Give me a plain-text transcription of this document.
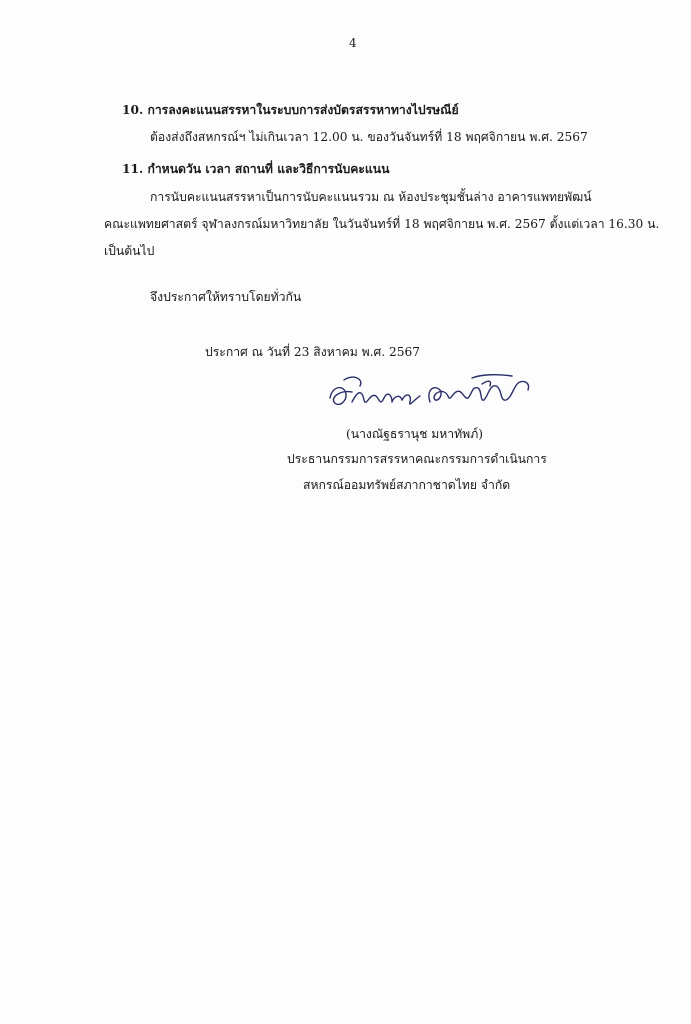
4
10. การลงคะแนนสรรหาในระบบการส่งบัตรสรรหาทางไปรษณีย์
ต้องส่งถึงสหกรณ์ฯ ไม่เกินเวลา 12.00 น. ของวันจันทร์ที่ 18 พฤศจิกายน พ.ศ. 2567
11. กำหนดวัน เวลา สถานที่ และวิธีการนับคะแนน
การนับคะแนนสรรหาเป็นการนับคะแนนรวม ณ ห้องประชุมชั้นล่าง อาคารแพทยพัฒน์
คณะแพทยศาสตร์ จุฬาลงกรณ์มหาวิทยาลัย ในวันจันทร์ที่ 18 พฤศจิกายน พ.ศ. 2567 ตั้งแต่เวลา 16.30 น.
เป็นต้นไป
จึงประกาศให้ทราบโดยทั่วกัน
ประกาศ ณ วันที่ 23 สิงหาคม พ.ศ. 2567
(นางณัฐธรานุช มหาทัพภ์)
ประธานกรรมการสรรหาคณะกรรมการดำเนินการ
สหกรณ์ออมทรัพย์สภากาชาดไทย จำกัด
